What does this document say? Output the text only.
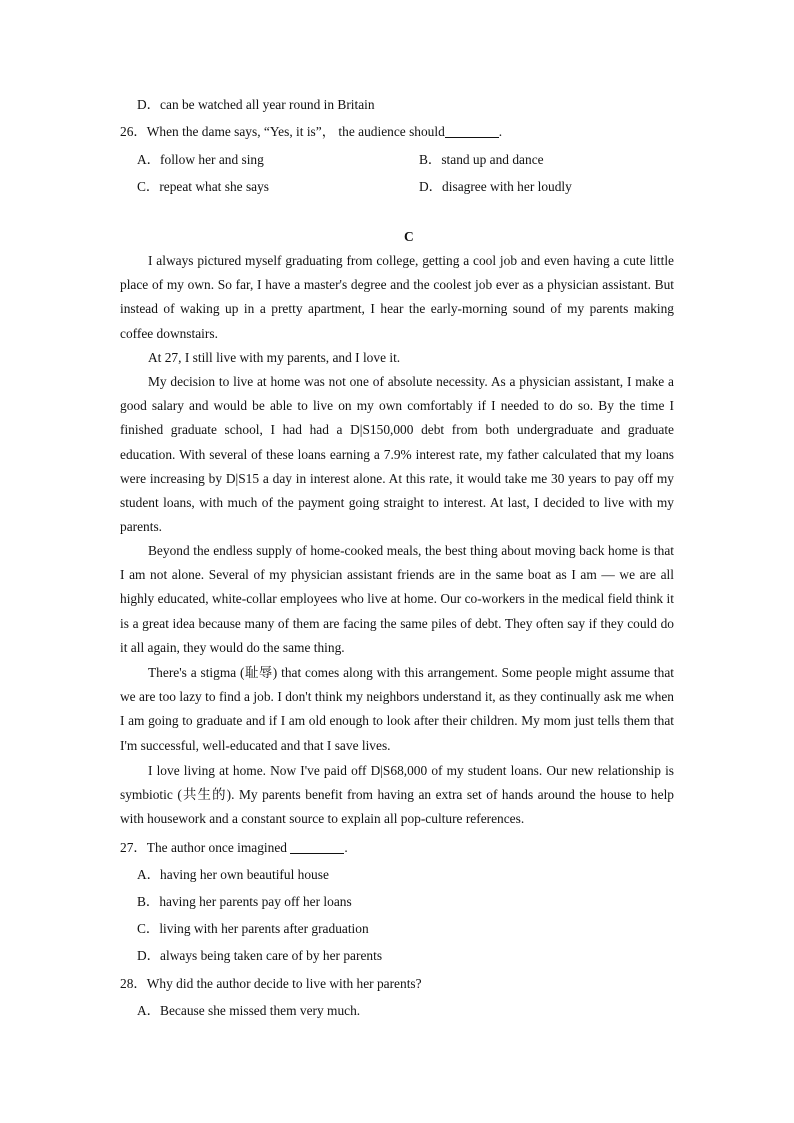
D．can be watched all year round in Britain
26．When the dame says, “Yes, it is”， the audience should	.
A．follow her and sing	B．stand up and dance
C．repeat what she says	D．disagree with her loudly
C
I always pictured myself graduating from college, getting a cool job and even having a cute little place of my own. So far, I have a master's degree and the coolest job ever as a physician assistant. But instead of waking up in a pretty apartment, I hear the early-morning sound of my parents making coffee downstairs.
At 27, I still live with my parents, and I love it.
My decision to live at home was not one of absolute necessity. As a physician assistant, I make a good salary and would be able to live on my own comfortably if I needed to do so. By the time I finished graduate school, I had had a D|S150,000 debt from both undergraduate and graduate education. With several of these loans earning a 7.9% interest rate, my father calculated that my loans were increasing by D|S15 a day in interest alone. At this rate, it would take me 30 years to pay off my student loans, with much of the payment going straight to interest. At last, I decided to live with my parents.
Beyond the endless supply of home-cooked meals, the best thing about moving back home is that I am not alone. Several of my physician assistant friends are in the same boat as I am — we are all highly educated, white-collar employees who live at home. Our co-workers in the medical field think it is a great idea because many of them are facing the same piles of debt. They often say if they could do it all again, they would do the same thing.
There's a stigma (耻辱) that comes along with this arrangement. Some people might assume that we are too lazy to find a job. I don't think my neighbors understand it, as they continually ask me when I am going to graduate and if I am old enough to look after their children. My mom just tells them that I'm successful, well-educated and that I save lives.
I love living at home. Now I've paid off D|S68,000 of my student loans. Our new relationship is symbiotic (共生的). My parents benefit from having an extra set of hands around the house to help with housework and a constant source to explain all pop-culture references.
27．The author once imagined	.
A．having her own beautiful house
B．having her parents pay off her loans
C．living with her parents after graduation
D．always being taken care of by her parents
28．Why did the author decide to live with her parents?
A．Because she missed them very much.
